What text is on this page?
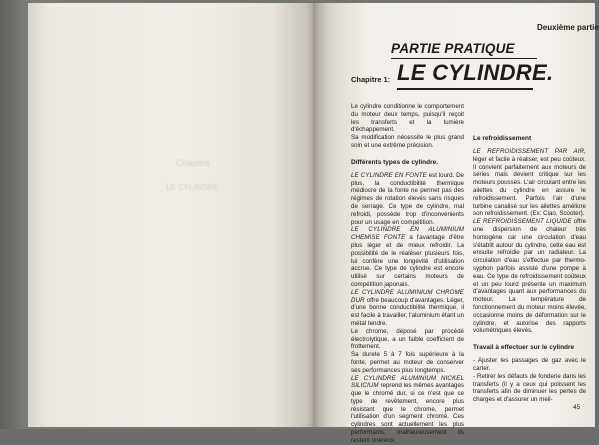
Chapitre
LE CYLINDRE
Deuxième partie
PARTIE PRATIQUE
Chapitre 1: LE CYLINDRE.

Le cylindre conditionne le comportement du moteur deux temps, puisqu'il reçoit les transferts et la lumière d'échappement.

Sa modification nécessite le plus grand soin et une extrême précision.

Différents types de cylindre.

LE CYLINDRE EN FONTE est lourd. De plus, la conductibilité thermique médiocre de la fonte ne permet pas des régimes de rotation élevés sans risques de serrage. Ce type de cylindre, mal refroidi, possède trop d'inconvénients pour un usage en compétition.

LE CYLINDRE EN ALUMINIUM CHEMISE FONTE a l'avantage d'être plus léger et de mieux refroidir. La possibilité de le réaléser plusieurs fois, lui confère une longévité d'utilisation accrue. Ce type de cylindre est encore utilisé sur certains moteurs de compétition japonais.

LE CYLINDRE ALUMINIUM CHROME DUR offre beaucoup d'avantages. Léger, d'une bonne conductibilité thermique, il est facile à travailler, l'aluminium étant un métal tendre.

Le chrome, déposé par procédé électrolytique, a un faible coefficient de frottement.

Sa durete 5 à 7 fois supérieure à la fonte, permet au moteur de conserver ses performances plus longtemps.

LE CYLINDRE ALUMINIUM NICKEL SILICIUM reprend les mêmes avantages que le chromé dur, si ce n'est que ce type de revêtement, encore plus résistant que le chrome, permet l'utilisation d'un segment chromé. Ces cylindres sont actuellement les plus performants, malheureusement ils restent onéreux.

Le refroidissement

LE REFROIDISSEMENT PAR AIR, léger et facile à réaliser, est peu coûteux. Il convient parfaitement aux moteurs de séries mais devient critique sur les moteurs poussés. L'air circulant entre les ailettes du cylindre en assure le refroidissement. Parfois l'air d'une turbine canalisé sur les ailettes améliore son refroidissement. (Ex: Ciao, Scooter).

LE REFROIDISSEMENT LIQUIDE offre une dispersion de chaleur très homogène car une circulation d'eau s'établit autour du cylindre, cette eau est ensuite refroidie par un radiateur. La circulation d'eau s'effectue par thermo-syphon parfois assisté d'une pompe à eau. Ce type de refroidissement coûteux et un peu lourd présente un maximum d'avantages quant aux performances du moteur. La température de fonctionnement du moteur moins élevée, occasionne moins de déformation sur le cylindre, et autorise des rapports volumétriques élevés.

Travail à effectuer sur le cylindre

- Ajuster les passages de gaz avec le carter.

- Retirer les défauts de fonderie dans les transferts (il y a ceux qui polissent les transferts afin de diminuer les pertes de charges et d'assurer un meil-

45
